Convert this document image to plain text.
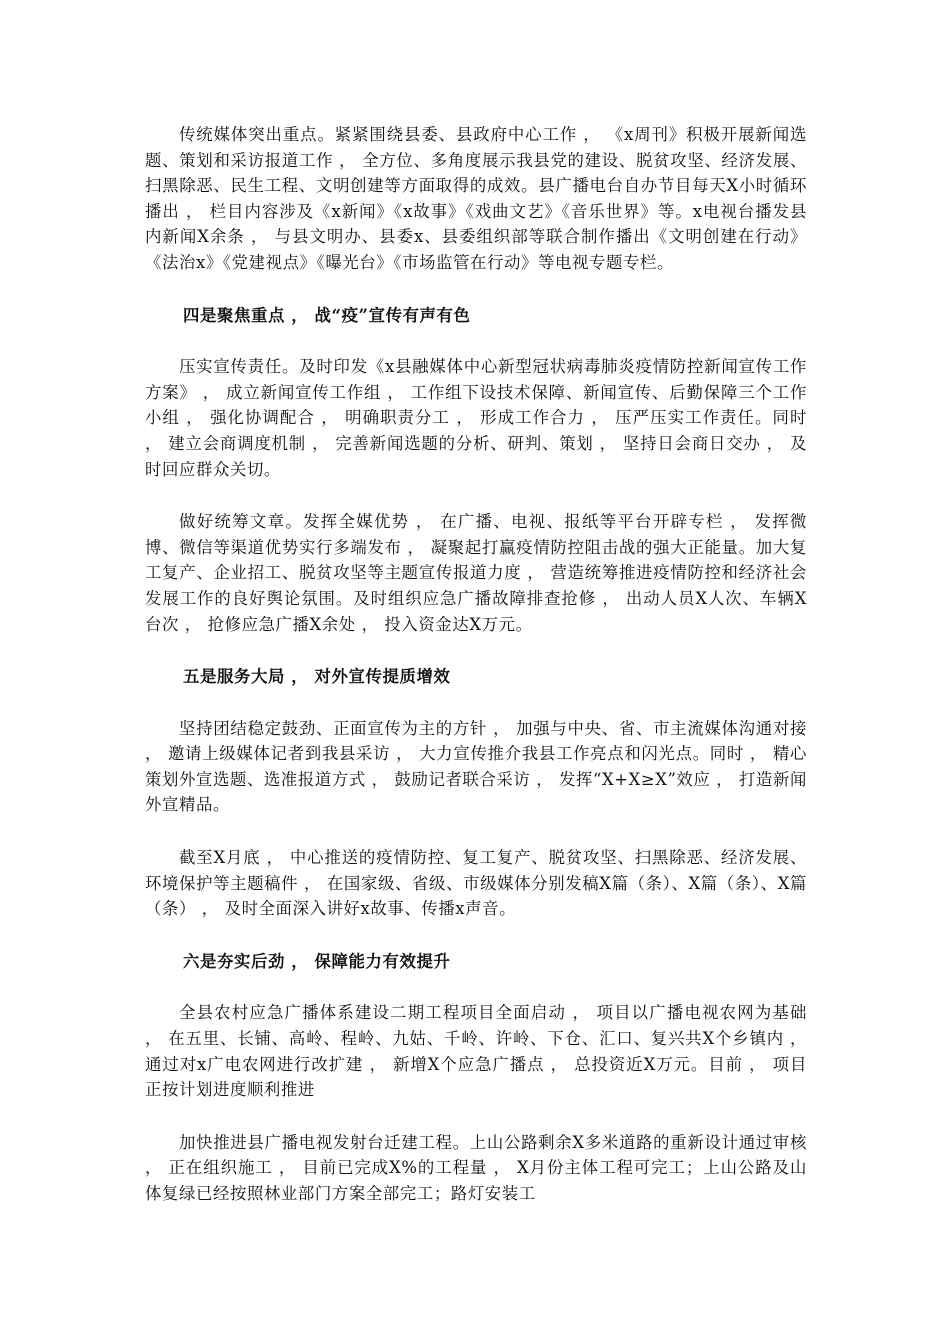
传统媒体突出重点。紧紧围绕县委、县政府中心工作 ， 《x周刊》积极开展新闻选题、策划和采访报道工作 ， 全方位、多角度展示我县党的建设、脱贫攻坚、经济发展、扫黑除恶、民生工程、文明创建等方面取得的成效。县广播电台自办节目每天X小时循环播出 ， 栏目内容涉及《x新闻》《x故事》《戏曲文艺》《音乐世界》等。x电视台播发县内新闻X余条 ， 与县文明办、县委x、县委组织部等联合制作播出《文明创建在行动》《法治x》《党建视点》《曝光台》《市场监管在行动》等电视专题专栏。

四是聚焦重点 ， 战“疫”宣传有声有色

压实宣传责任。及时印发《x县融媒体中心新型冠状病毒肺炎疫情防控新闻宣传工作方案》 ， 成立新闻宣传工作组 ， 工作组下设技术保障、新闻宣传、后勤保障三个工作小组 ， 强化协调配合 ， 明确职责分工 ， 形成工作合力 ， 压严压实工作责任。同时 ， 建立会商调度机制 ， 完善新闻选题的分析、研判、策划 ， 坚持日会商日交办 ， 及时回应群众关切。

做好统筹文章。发挥全媒优势 ， 在广播、电视、报纸等平台开辟专栏 ， 发挥微博、微信等渠道优势实行多端发布 ， 凝聚起打赢疫情防控阻击战的强大正能量。加大复工复产、企业招工、脱贫攻坚等主题宣传报道力度 ， 营造统筹推进疫情防控和经济社会发展工作的良好舆论氛围。及时组织应急广播故障排查抢修 ， 出动人员X人次、车辆X台次 ， 抢修应急广播X余处 ， 投入资金达X万元。

五是服务大局 ， 对外宣传提质增效

坚持团结稳定鼓劲、正面宣传为主的方针 ， 加强与中央、省、市主流媒体沟通对接 ， 邀请上级媒体记者到我县采访 ， 大力宣传推介我县工作亮点和闪光点。同时 ， 精心策划外宣选题、选准报道方式 ， 鼓励记者联合采访 ， 发挥“X+X≥X”效应 ， 打造新闻外宣精品。

截至X月底 ， 中心推送的疫情防控、复工复产、脱贫攻坚、扫黑除恶、经济发展、环境保护等主题稿件 ， 在国家级、省级、市级媒体分别发稿X篇（条）、X篇（条）、X篇（条） ， 及时全面深入讲好x故事、传播x声音。

六是夯实后劲 ， 保障能力有效提升

全县农村应急广播体系建设二期工程项目全面启动 ， 项目以广播电视农网为基础 ， 在五里、长铺、高岭、程岭、九姑、千岭、许岭、下仓、汇口、复兴共X个乡镇内 ， 通过对x广电农网进行改扩建 ， 新增X个应急广播点 ， 总投资近X万元。目前 ， 项目正按计划进度顺利推进

加快推进县广播电视发射台迁建工程。上山公路剩余X多米道路的重新设计通过审核 ， 正在组织施工 ， 目前已完成X%的工程量 ， X月份主体工程可完工；上山公路及山体复绿已经按照林业部门方案全部完工；路灯安装工
